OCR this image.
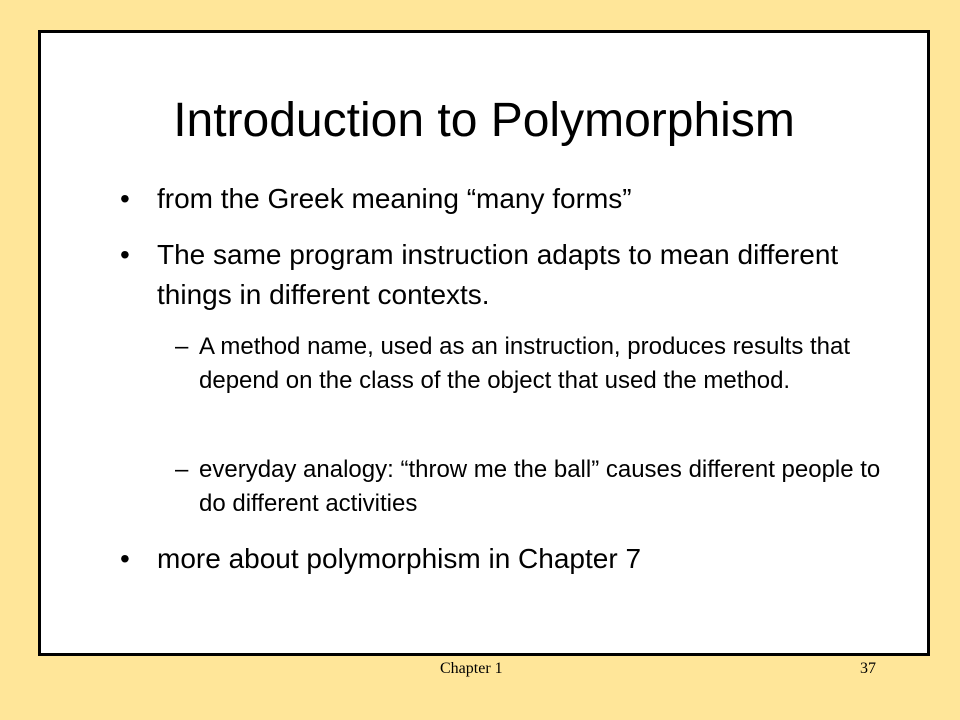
Introduction to Polymorphism
• from the Greek meaning “many forms”
• The same program instruction adapts to mean different things in different contexts.
– A method name, used as an instruction, produces results that depend on the class of the object that used the method.
– everyday analogy: “throw me the ball” causes different people to do different activities
• more about polymorphism in Chapter 7
Chapter 1	37
